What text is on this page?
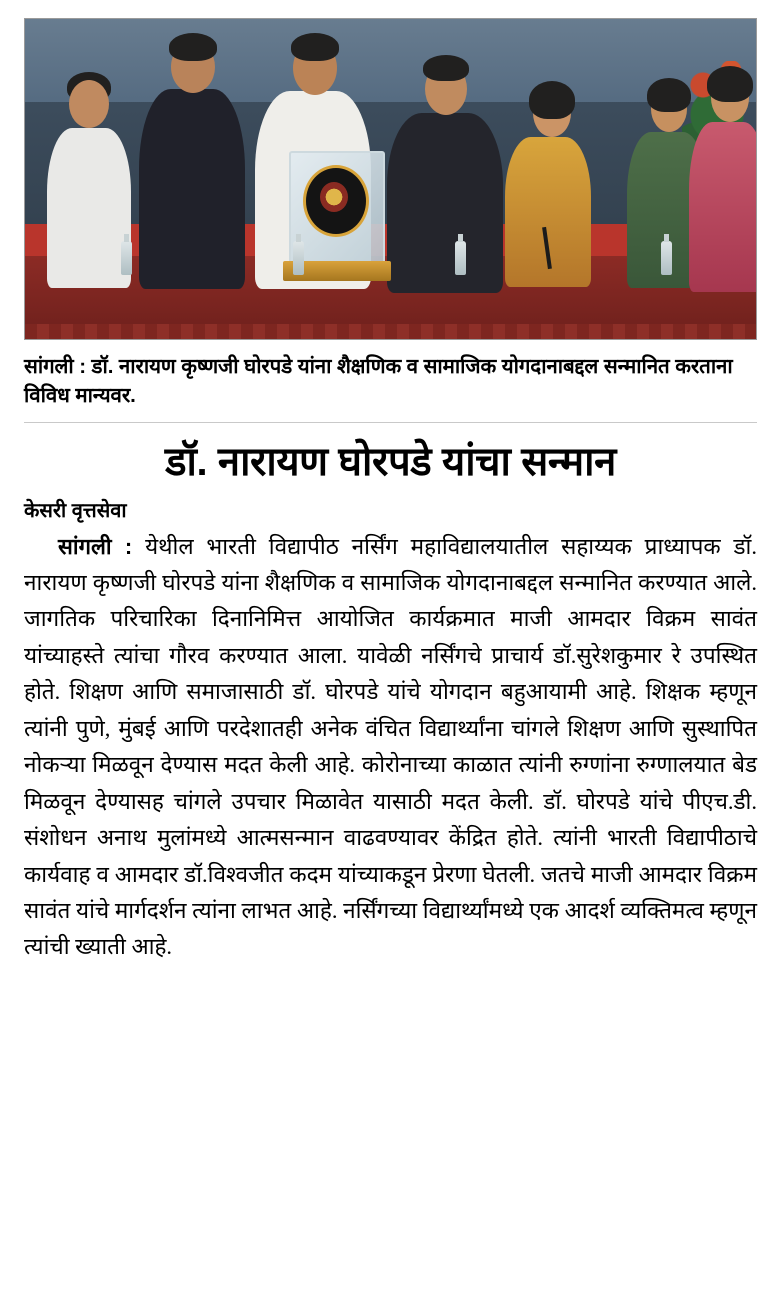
सांगली : डॉ. नारायण कृष्णजी घोरपडे यांना शैक्षणिक व सामाजिक योगदानाबद्दल सन्मानित करताना विविध मान्यवर.
डॉ. नारायण घोरपडे यांचा सन्मान
केसरी वृत्तसेवा
सांगली : येथील भारती विद्यापीठ नर्सिंग महाविद्यालयातील सहाय्यक प्राध्यापक डॉ. नारायण कृष्णजी घोरपडे यांना शैक्षणिक व सामाजिक योगदानाबद्दल सन्मानित करण्यात आले. जागतिक परिचारिका दिनानिमित्त आयोजित कार्यक्रमात माजी आमदार विक्रम सावंत यांच्याहस्ते त्यांचा गौरव करण्यात आला. यावेळी नर्सिंगचे प्राचार्य डॉ.सुरेशकुमार रे उपस्थित होते. शिक्षण आणि समाजासाठी डॉ. घोरपडे यांचे योगदान बहुआयामी आहे. शिक्षक म्हणून त्यांनी पुणे, मुंबई आणि परदेशातही अनेक वंचित विद्यार्थ्यांना चांगले शिक्षण आणि सुस्थापित नोकऱ्या मिळवून देण्यास मदत केली आहे. कोरोनाच्या काळात त्यांनी रुग्णांना रुग्णालयात बेड मिळवून देण्यासह चांगले उपचार मिळावेत यासाठी मदत केली. डॉ. घोरपडे यांचे पीएच.डी. संशोधन अनाथ मुलांमध्ये आत्मसन्मान वाढवण्यावर केंद्रित होते. त्यांनी भारती विद्यापीठाचे कार्यवाह व आमदार डॉ.विश्वजीत कदम यांच्याकडून प्रेरणा घेतली. जतचे माजी आमदार विक्रम सावंत यांचे मार्गदर्शन त्यांना लाभत आहे. नर्सिंगच्या विद्यार्थ्यांमध्ये एक आदर्श व्यक्तिमत्व म्हणून त्यांची ख्याती आहे.
